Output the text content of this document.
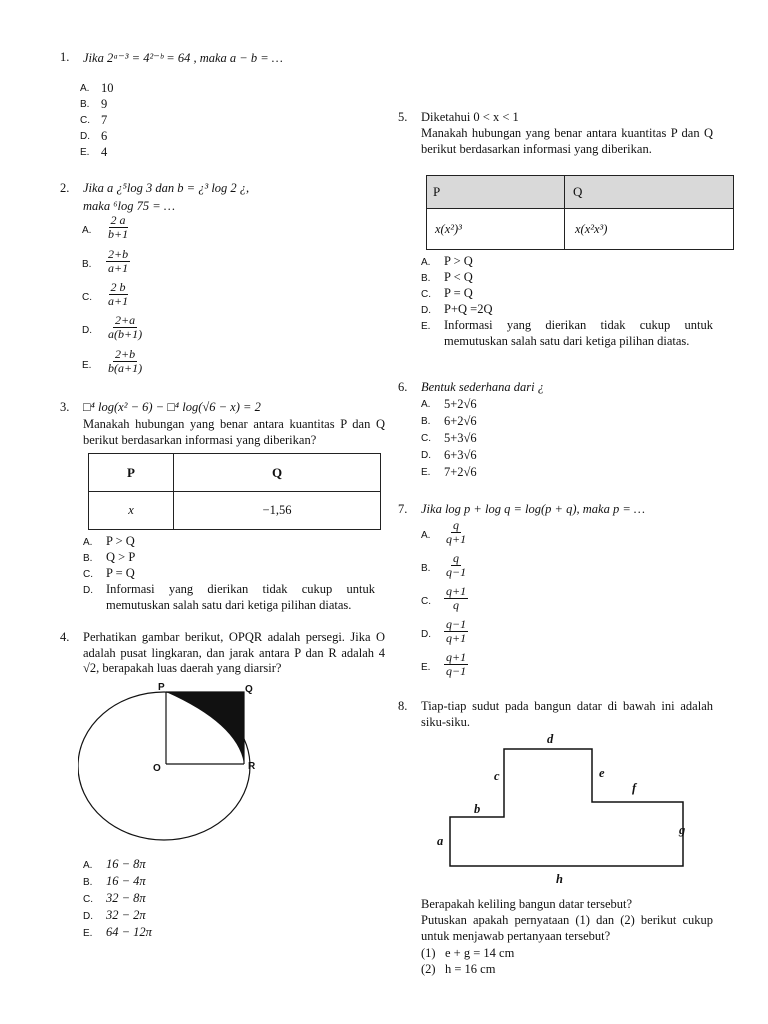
1. Jika 2ᵃ⁻³ = 4²⁻ᵇ = 64 , maka a − b = …
A. 10
B. 9
C. 7
D. 6
E. 4
2. Jika a ¿⁵log 3 dan b = ¿³ log 2 ¿,
maka ⁶log 75 = …
A. $\frac{2 a}{b+1}$
B. $\frac{2+b}{a+1}$
C. $\frac{2 b}{a+1}$
D. $\frac{2+a}{a(b+1)}$
E. $\frac{2+b}{b(a+1)}$
3. □⁴ log(x² − 6) − □⁴ log(√6 − x) = 2
Manakah hubungan yang benar antara kuantitas P dan Q berikut berdasarkan informasi yang diberikan?
P	Q
x	−1,56
A. P > Q
B. Q > P
C. P = Q
D. Informasi yang dierikan tidak cukup untuk memutuskan salah satu dari ketiga pilihan diatas.
4. Perhatikan gambar berikut, OPQR adalah persegi. Jika O adalah pusat lingkaran, dan jarak antara P dan R adalah 4 √2, berapakah luas daerah yang diarsir?
P	Q
O	R
A. 16 − 8π
B. 16 − 4π
C. 32 − 8π
D. 32 − 2π
E. 64 − 12π
5. Diketahui 0 < x < 1
Manakah hubungan yang benar antara kuantitas P dan Q berikut berdasarkan informasi yang diberikan.
P	Q
x(x²)³	x(x²x³)
A. P > Q
B. P < Q
C. P = Q
D. P+Q =2Q
E. Informasi yang dierikan tidak cukup untuk memutuskan salah satu dari ketiga pilihan diatas.
6. Bentuk sederhana dari ¿
A. 5+2√6
B. 6+2√6
C. 5+3√6
D. 6+3√6
E. 7+2√6
7. Jika log p + log q = log(p + q), maka p = …
A. $\frac{q}{q+1}$
B. $\frac{q}{q-1}$
C. $\frac{q+1}{q}$
D. $\frac{q-1}{q+1}$
E. $\frac{q+1}{q-1}$
8. Tiap-tiap sudut pada bangun datar di bawah ini adalah siku-siku.
d
c	e
f
b
g
a
h
Berapakah keliling bangun datar tersebut?
Putuskan apakah pernyataan (1) dan (2) berikut cukup untuk menjawab pertanyaan tersebut?
(1) e + g = 14 cm
(2) h = 16 cm
